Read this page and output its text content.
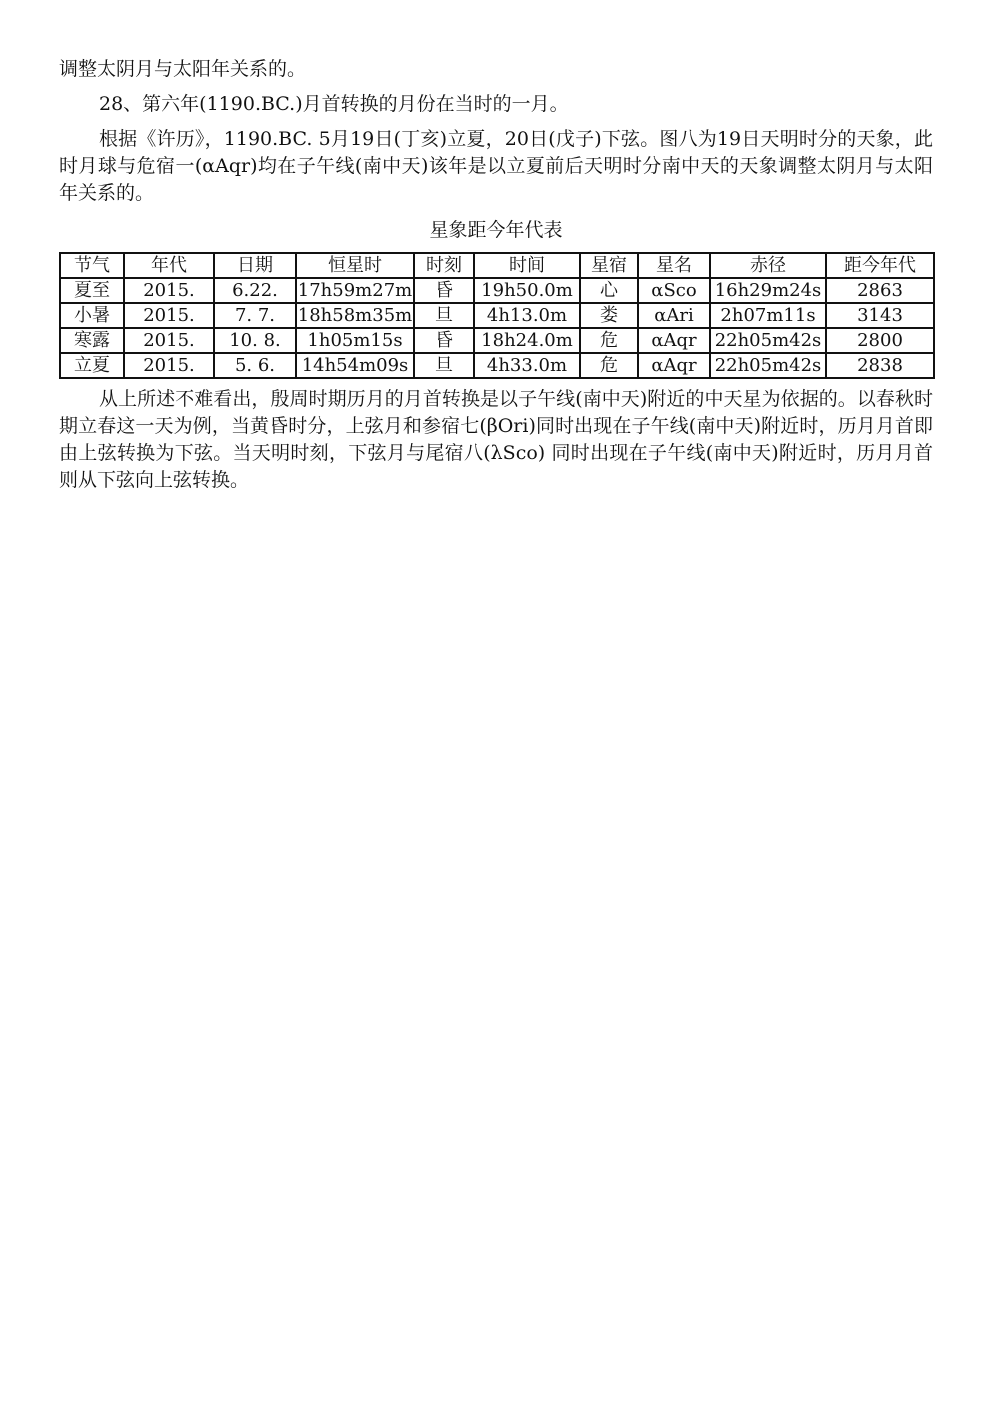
调整太阴月与太阳年关系的。

28、第六年(1190.BC.)月首转换的月份在当时的一月。

根据《许历》，1190.BC. 5月19日(丁亥)立夏，20日(戊子)下弦。图八为19日天明时分的天象，此时月球与危宿一(αAqr)均在子午线(南中天)该年是以立夏前后天明时分南中天的天象调整太阴月与太阳年关系的。

星象距今年代表
节气	年代	日期	恒星时	时刻	时间	星宿	星名	赤径	距今年代
夏至	2015.	6.22.	17h59m27m	昏	19h50.0m	心	αSco	16h29m24s	2863
小暑	2015.	7. 7.	18h58m35m	旦	4h13.0m	娄	αAri	2h07m11s	3143
寒露	2015.	10. 8.	1h05m15s	昏	18h24.0m	危	αAqr	22h05m42s	2800
立夏	2015.	5. 6.	14h54m09s	旦	4h33.0m	危	αAqr	22h05m42s	2838

从上所述不难看出，殷周时期历月的月首转换是以子午线(南中天)附近的中天星为依据的。以春秋时期立春这一天为例，当黄昏时分，上弦月和参宿七(βOri)同时出现在子午线(南中天)附近时，历月月首即由上弦转换为下弦。当天明时刻，下弦月与尾宿八(λSco) 同时出现在子午线(南中天)附近时，历月月首则从下弦向上弦转换。
